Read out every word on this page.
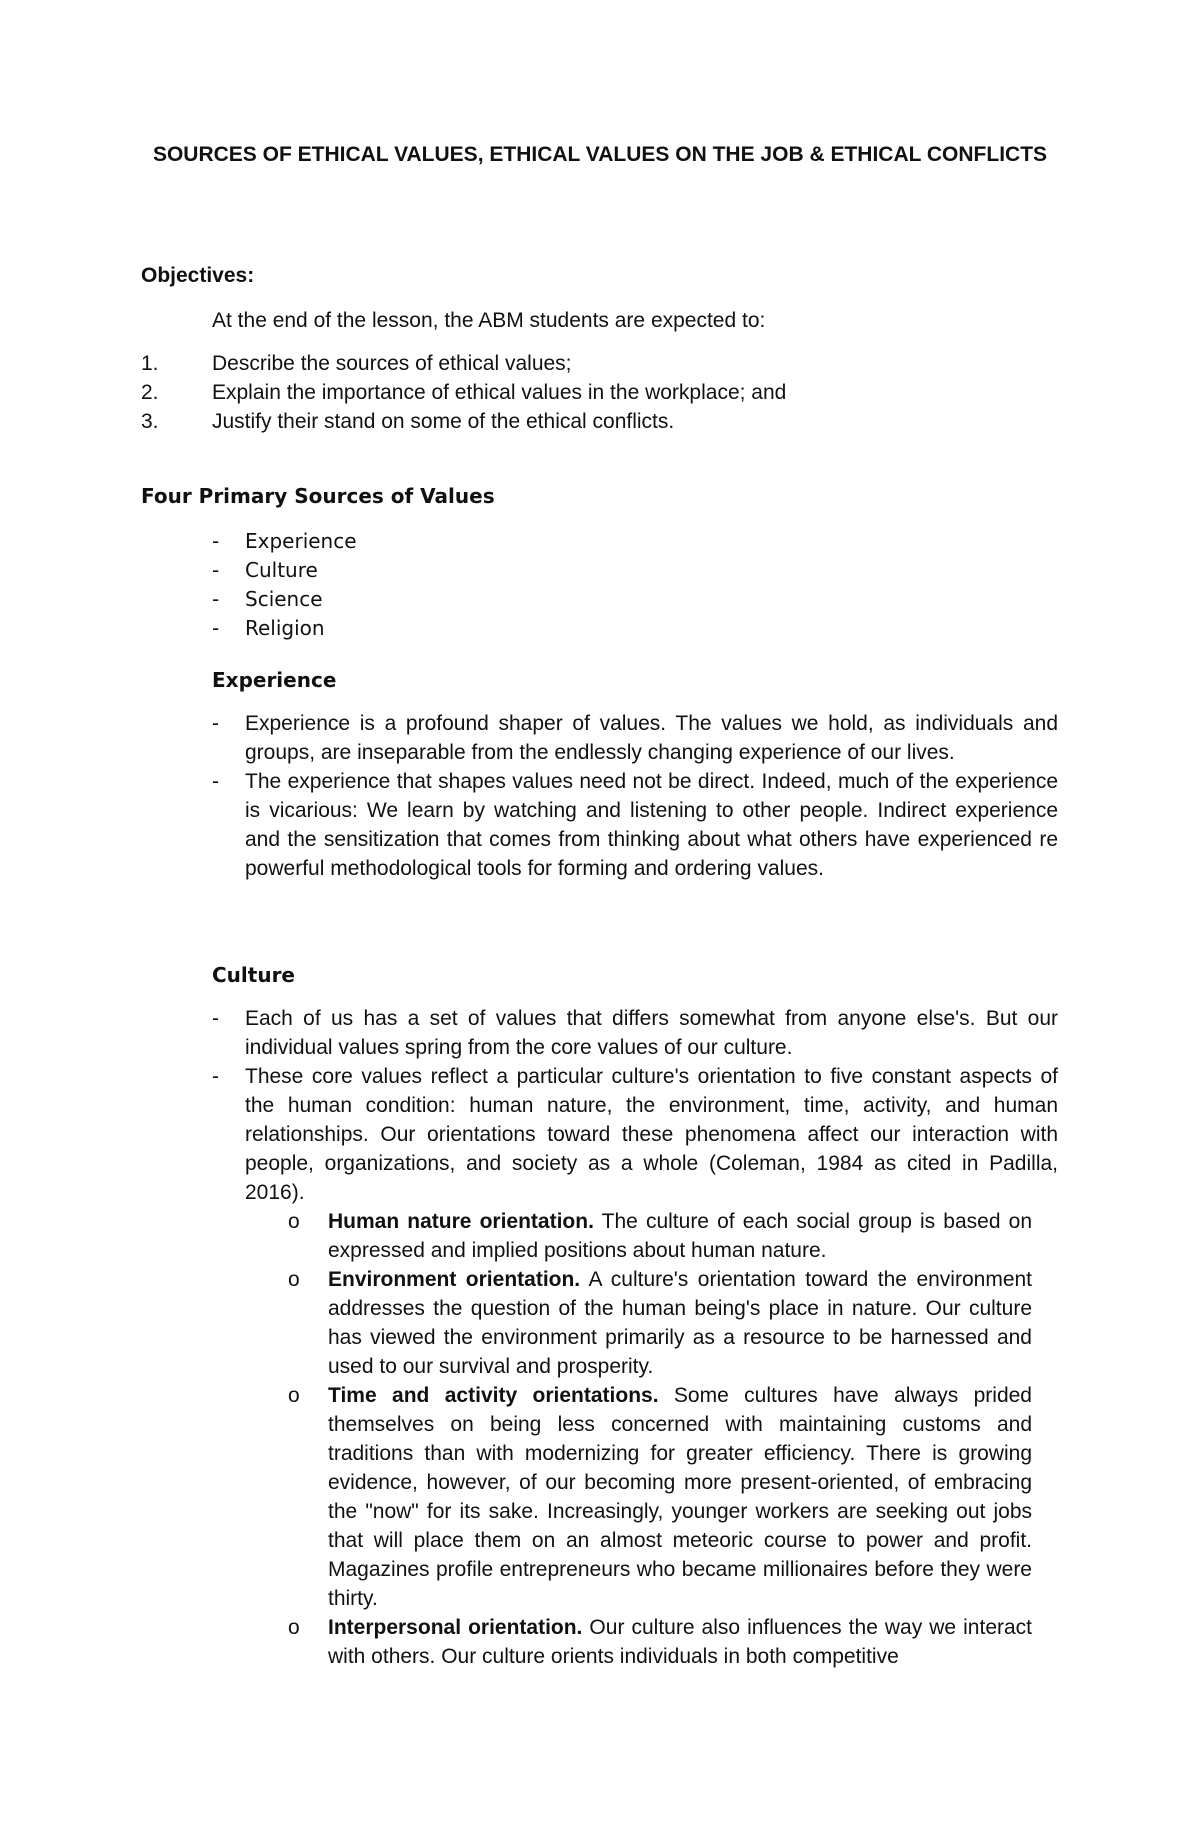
SOURCES OF ETHICAL VALUES, ETHICAL VALUES ON THE JOB & ETHICAL CONFLICTS
Objectives:
At the end of the lesson, the ABM students are expected to:
1.	Describe the sources of ethical values;
2.	Explain the importance of ethical values in the workplace; and
3.	Justify their stand on some of the ethical conflicts.
Four Primary Sources of Values
- Experience
- Culture
- Science
- Religion
Experience
- Experience is a profound shaper of values. The values we hold, as individuals and groups, are inseparable from the endlessly changing experience of our lives.
- The experience that shapes values need not be direct. Indeed, much of the experience is vicarious: We learn by watching and listening to other people. Indirect experience and the sensitization that comes from thinking about what others have experienced re powerful methodological tools for forming and ordering values.
Culture
- Each of us has a set of values that differs somewhat from anyone else's. But our individual values spring from the core values of our culture.
- These core values reflect a particular culture's orientation to five constant aspects of the human condition: human nature, the environment, time, activity, and human relationships. Our orientations toward these phenomena affect our interaction with people, organizations, and society as a whole (Coleman, 1984 as cited in Padilla, 2016).
o Human nature orientation. The culture of each social group is based on expressed and implied positions about human nature.
o Environment orientation. A culture's orientation toward the environment addresses the question of the human being's place in nature. Our culture has viewed the environment primarily as a resource to be harnessed and used to our survival and prosperity.
o Time and activity orientations. Some cultures have always prided themselves on being less concerned with maintaining customs and traditions than with modernizing for greater efficiency. There is growing evidence, however, of our becoming more present-oriented, of embracing the "now" for its sake. Increasingly, younger workers are seeking out jobs that will place them on an almost meteoric course to power and profit. Magazines profile entrepreneurs who became millionaires before they were thirty.
o Interpersonal orientation. Our culture also influences the way we interact with others. Our culture orients individuals in both competitive
